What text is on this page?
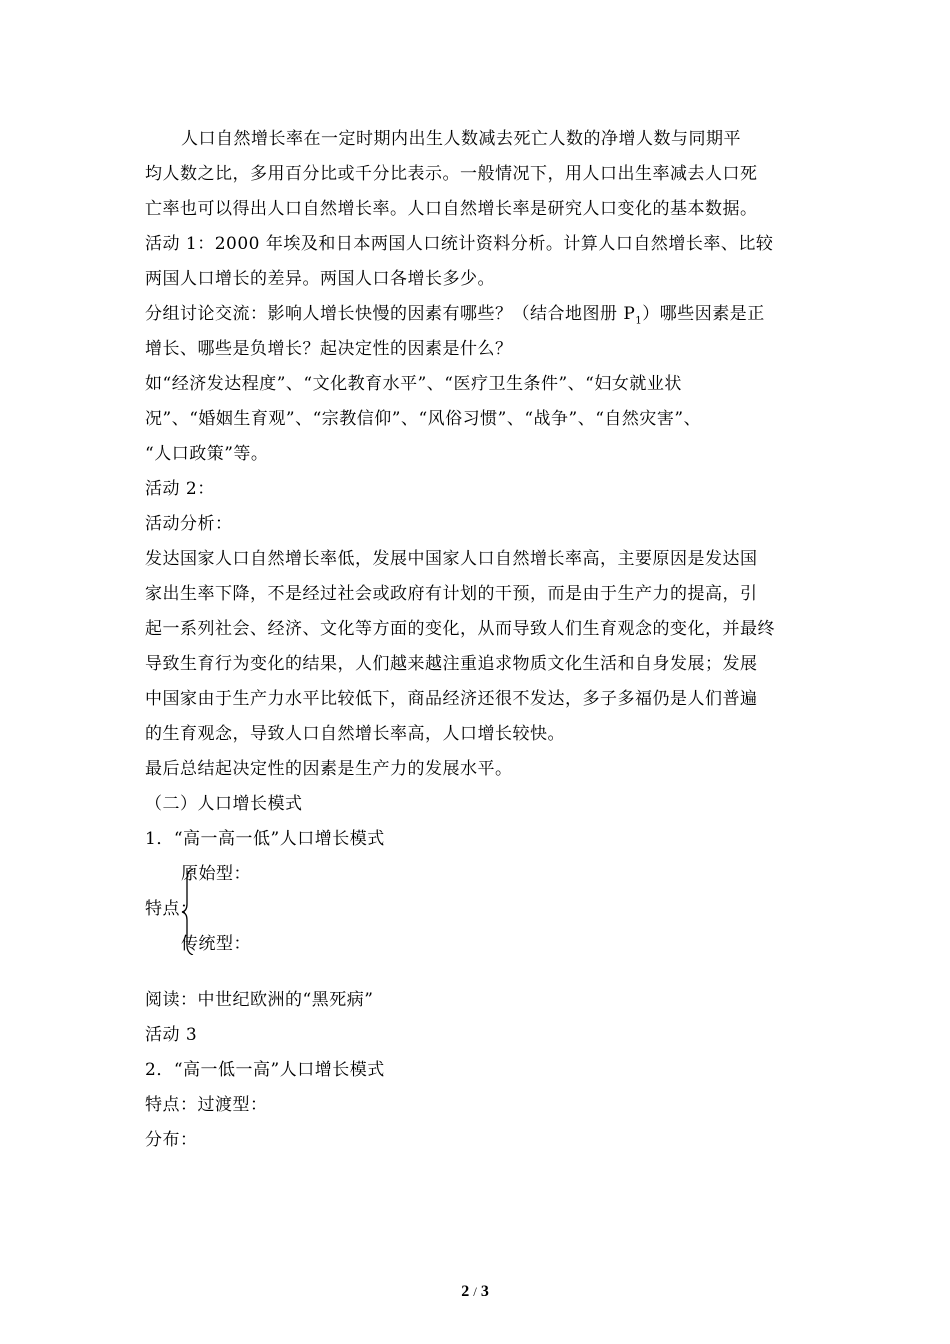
人口自然增长率在一定时期内出生人数减去死亡人数的净增人数与同期平
均人数之比，多用百分比或千分比表示。一般情况下，用人口出生率减去人口死
亡率也可以得出人口自然增长率。人口自然增长率是研究人口变化的基本数据。
活动 1：2000 年埃及和日本两国人口统计资料分析。计算人口自然增长率、比较
两国人口增长的差异。两国人口各增长多少。
分组讨论交流：影响人增长快慢的因素有哪些？（结合地图册 $P_1$）哪些因素是正
增长、哪些是负增长？起决定性的因素是什么？
如“经济发达程度”、“文化教育水平”、“医疗卫生条件”、“妇女就业状
况”、“婚姻生育观”、“宗教信仰”、“风俗习惯”、“战争”、“自然灾害”、
“人口政策”等。
活动 2：
活动分析：
发达国家人口自然增长率低，发展中国家人口自然增长率高，主要原因是发达国
家出生率下降，不是经过社会或政府有计划的干预，而是由于生产力的提高，引
起一系列社会、经济、文化等方面的变化，从而导致人们生育观念的变化，并最终
导致生育行为变化的结果，人们越来越注重追求物质文化生活和自身发展；发展
中国家由于生产力水平比较低下，商品经济还很不发达，多子多福仍是人们普遍
的生育观念，导致人口自然增长率高，人口增长较快。
最后总结起决定性的因素是生产力的发展水平。
（二）人口增长模式
1．“高一高一低”人口增长模式
原始型：
特点：
传统型：
阅读：中世纪欧洲的“黑死病”
活动 3
2．“高一低一高”人口增长模式
特点：过渡型：
分布：
2 / 3
